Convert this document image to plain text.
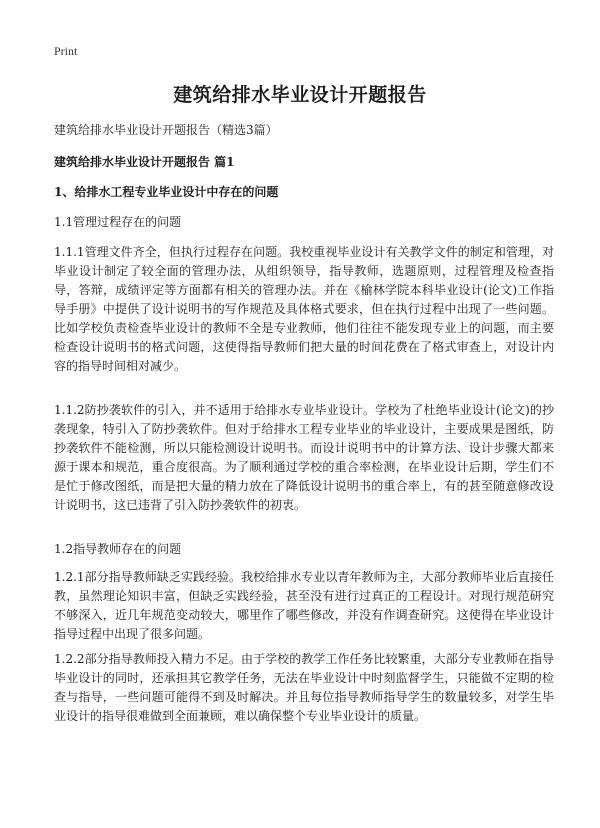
Print
建筑给排水毕业设计开题报告
建筑给排水毕业设计开题报告（精选3篇）
建筑给排水毕业设计开题报告 篇1
1、给排水工程专业毕业设计中存在的问题
1.1管理过程存在的问题
1.1.1管理文件齐全，但执行过程存在问题。我校重视毕业设计有关教学文件的制定和管理，对毕业设计制定了较全面的管理办法，从组织领导，指导教师，选题原则，过程管理及检查指导，答辩，成绩评定等方面都有相关的管理办法。并在《榆林学院本科毕业设计(论文)工作指导手册》中提供了设计说明书的写作规范及具体格式要求，但在执行过程中出现了一些问题。比如学校负责检查毕业设计的教师不全是专业教师，他们往往不能发现专业上的问题，而主要检查设计说明书的格式问题，这使得指导教师们把大量的时间花费在了格式审查上，对设计内容的指导时间相对减少。
1.1.2防抄袭软件的引入，并不适用于给排水专业毕业设计。学校为了杜绝毕业设计(论文)的抄袭现象，特引入了防抄袭软件。但对于给排水工程专业毕业的毕业设计，主要成果是图纸，防抄袭软件不能检测，所以只能检测设计说明书。而设计说明书中的计算方法、设计步骤大都来源于课本和规范，重合度很高。为了顺利通过学校的重合率检测，在毕业设计后期，学生们不是忙于修改图纸，而是把大量的精力放在了降低设计说明书的重合率上，有的甚至随意修改设计说明书，这已违背了引入防抄袭软件的初衷。
1.2指导教师存在的问题
1.2.1部分指导教师缺乏实践经验。我校给排水专业以青年教师为主，大部分教师毕业后直接任教，虽然理论知识丰富，但缺乏实践经验，甚至没有进行过真正的工程设计。对现行规范研究不够深入，近几年规范变动较大，哪里作了哪些修改，并没有作调查研究。这使得在毕业设计指导过程中出现了很多问题。
1.2.2部分指导教师投入精力不足。由于学校的教学工作任务比较繁重，大部分专业教师在指导毕业设计的同时，还承担其它教学任务，无法在毕业设计中时刻监督学生，只能做不定期的检查与指导，一些问题可能得不到及时解决。并且每位指导教师指导学生的数量较多，对学生毕业设计的指导很难做到全面兼顾，难以确保整个专业毕业设计的质量。
